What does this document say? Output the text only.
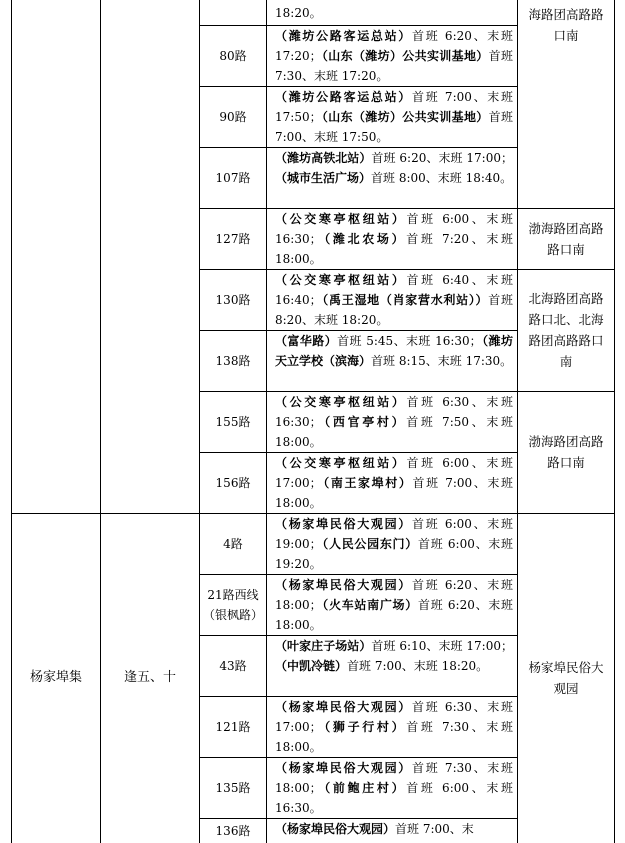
80路
90路
107路
127路
130路
138路
155路
156路
4路
21路西线（银枫路）
43路
121路
135路
136路
18:20。
（潍坊公路客运总站）首班 6:20、末班 17:20；（山东（潍坊）公共实训基地）首班 7:30、末班 17:20。
（潍坊公路客运总站）首班 7:00、末班 17:50；（山东（潍坊）公共实训基地）首班 7:00、末班 17:50。
（潍坊高铁北站）首班 6:20、末班 17:00；（城市生活广场）首班 8:00、末班 18:40。
（公交寒亭枢纽站）首班 6:00、末班 16:30；（潍北农场）首班 7:20、末班 18:00。
（公交寒亭枢纽站）首班 6:40、末班 16:40；（禹王湿地（肖家营水利站））首班 8:20、末班 18:20。
（富华路）首班 5:45、末班 16:30；（潍坊天立学校（滨海）首班 8:15、末班 17:30。
（公交寒亭枢纽站）首班 6:30、末班 16:30；（西官亭村）首班 7:50、末班 18:00。
（公交寒亭枢纽站）首班 6:00、末班 17:00；（南王家埠村）首班 7:00、末班 18:00。
（杨家埠民俗大观园）首班 6:00、末班 19:00；（人民公园东门）首班 6:00、末班 19:20。
（杨家埠民俗大观园）首班 6:20、末班 18:00；（火车站南广场）首班 6:20、末班 18:00。
（叶家庄子场站）首班 6:10、末班 17:00；（中凯冷链）首班 7:00、末班 18:20。
（杨家埠民俗大观园）首班 6:30、末班 17:00；（狮子行村）首班 7:30、末班 18:00。
（杨家埠民俗大观园）首班 7:30、末班 18:00；（前鲍庄村）首班 6:00、末班 16:30。
（杨家埠民俗大观园）首班 7:00、末
海路团高路路口南
渤海路团高路路口南
北海路团高路路口北、北海路团高路路口南
渤海路团高路路口南
杨家埠民俗大观园
杨家埠集	逢五、十
